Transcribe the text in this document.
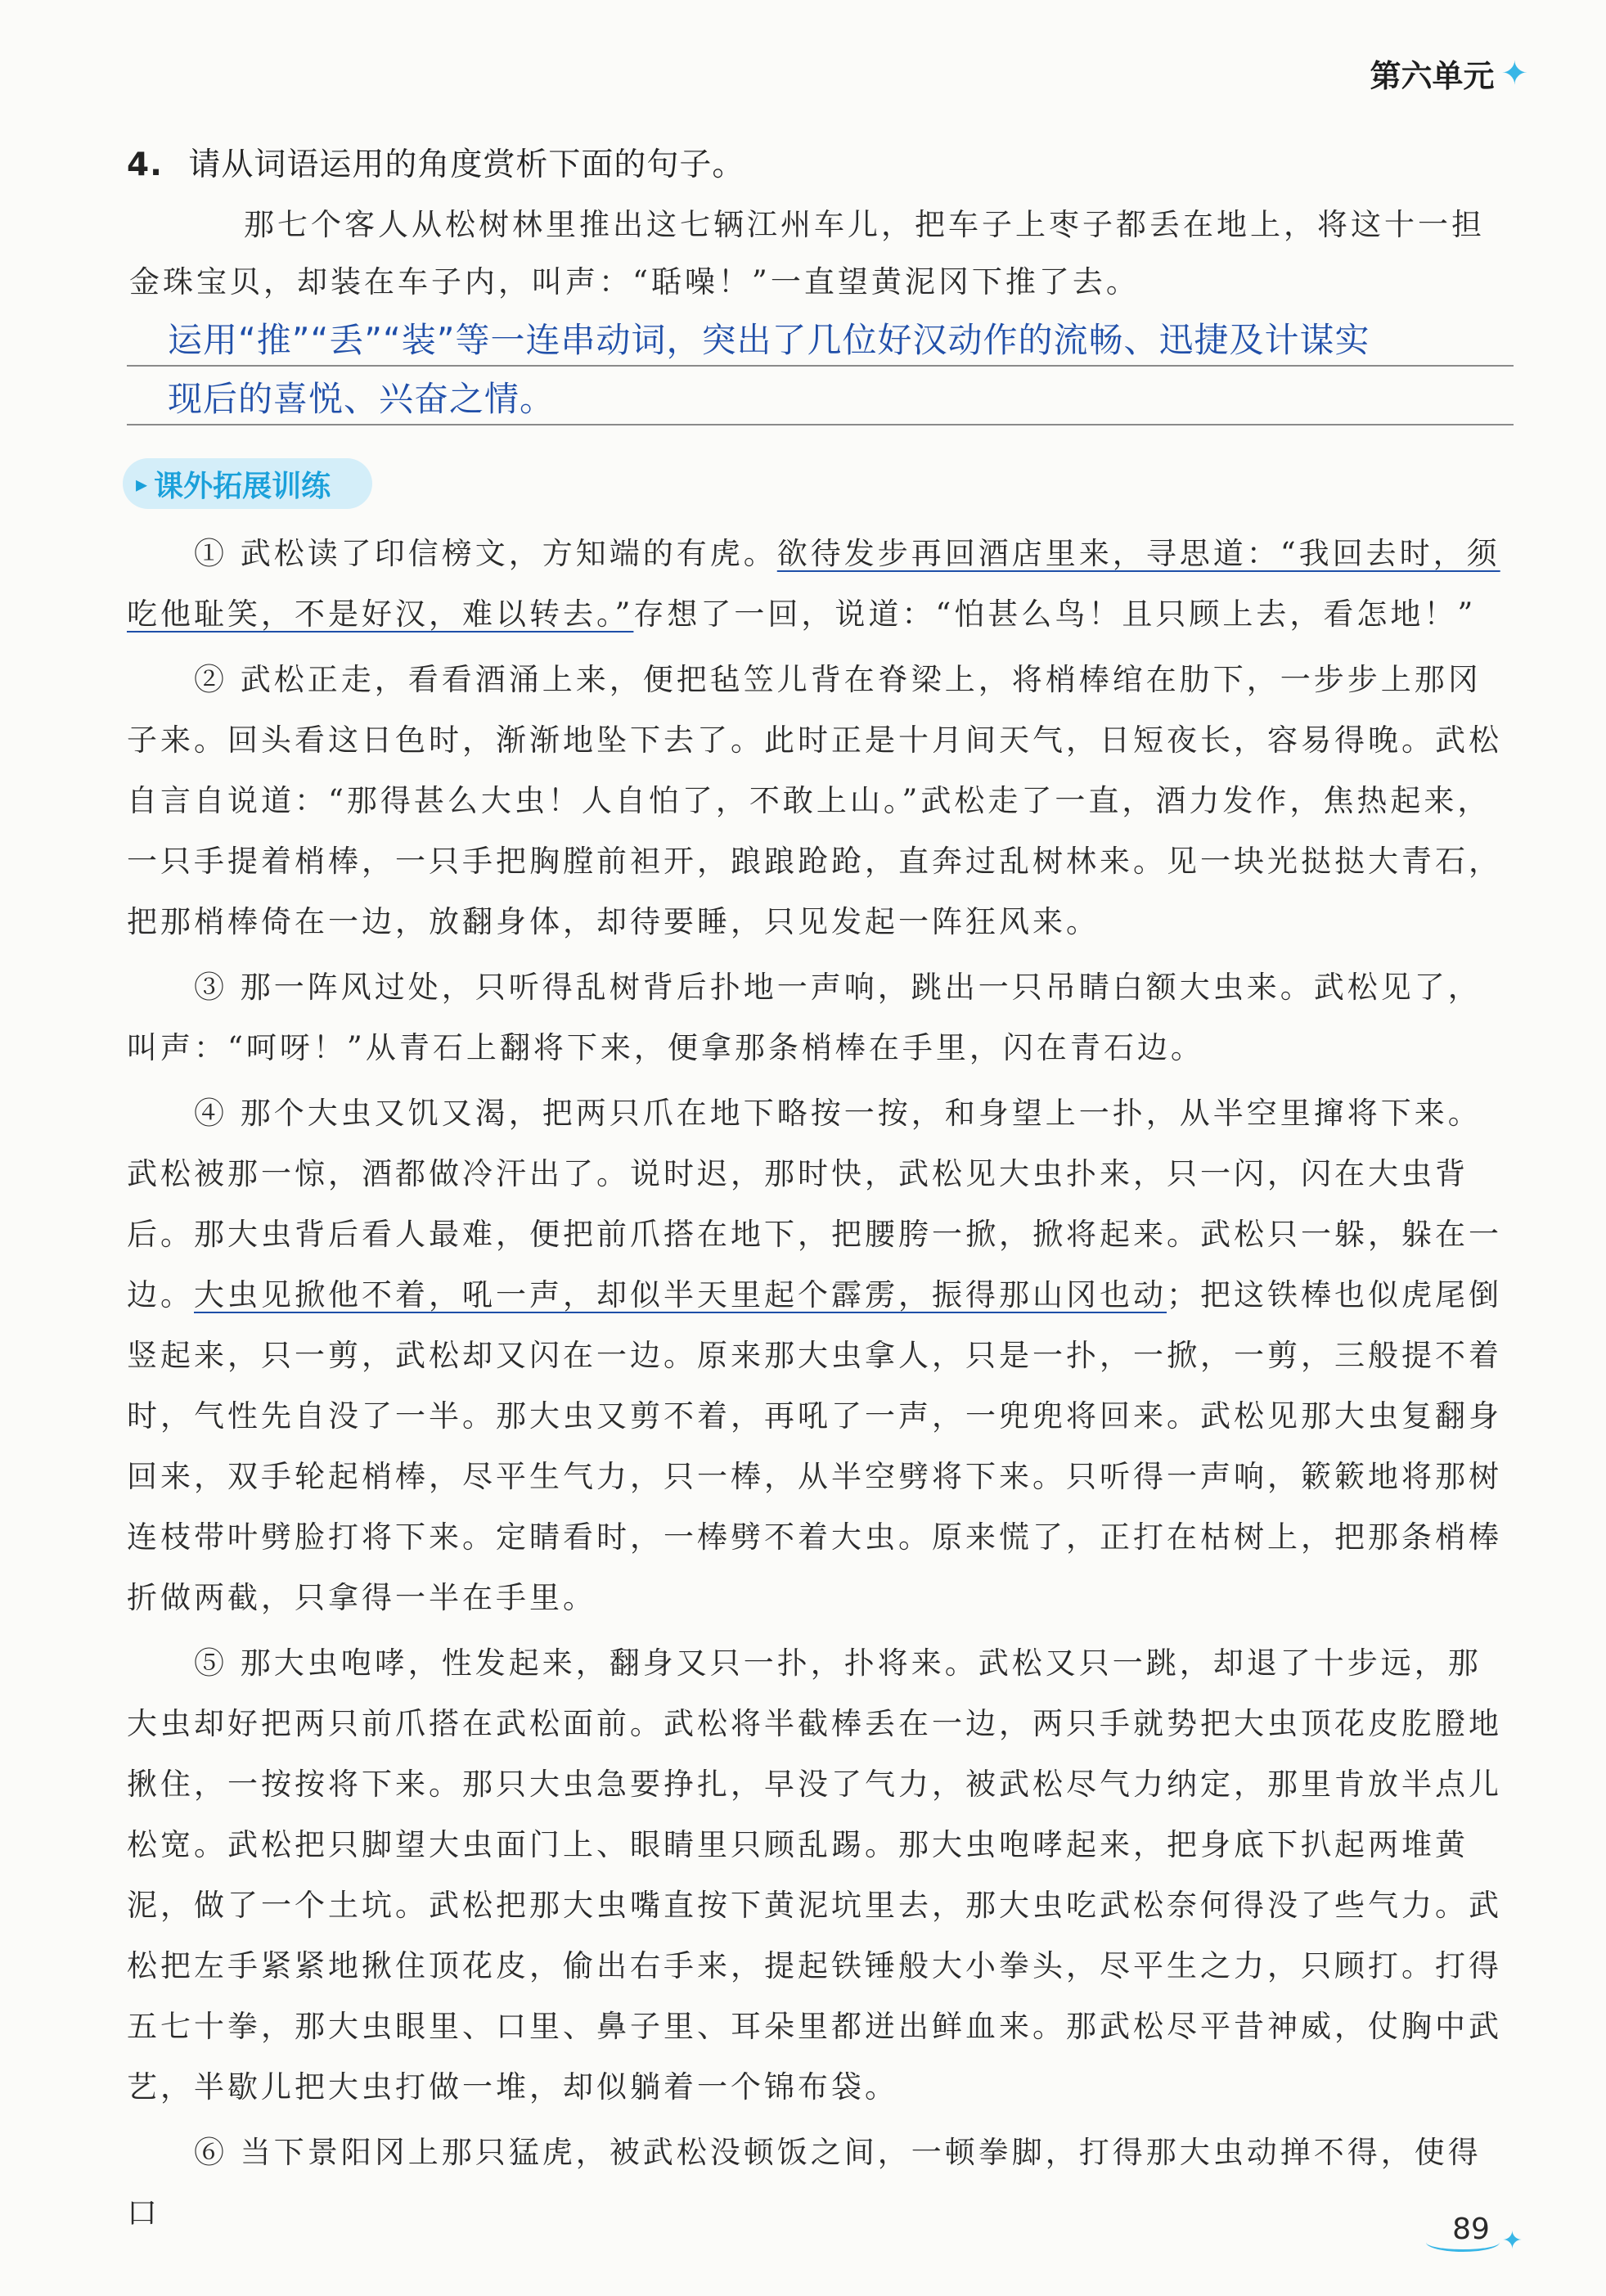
第六单元 ✦
4. 请从词语运用的角度赏析下面的句子。
那七个客人从松树林里推出这七辆江州车儿，把车子上枣子都丢在地上，将这十一担金珠宝贝，却装在车子内，叫声：“聒噪！”一直望黄泥冈下推了去。
运用“推”“丢”“装”等一连串动词，突出了几位好汉动作的流畅、迅捷及计谋实
现后的喜悦、兴奋之情。
▸ 课外拓展训练

① 武松读了印信榜文，方知端的有虎。欲待发步再回酒店里来，寻思道：“我回去时，须吃他耻笑，不是好汉，难以转去。”存想了一回，说道：“怕甚么鸟！且只顾上去，看怎地！”

② 武松正走，看看酒涌上来，便把毡笠儿背在脊梁上，将梢棒绾在肋下，一步步上那冈子来。回头看这日色时，渐渐地坠下去了。此时正是十月间天气，日短夜长，容易得晚。武松自言自说道：“那得甚么大虫！人自怕了，不敢上山。”武松走了一直，酒力发作，焦热起来，一只手提着梢棒，一只手把胸膛前袒开，踉踉跄跄，直奔过乱树林来。见一块光挞挞大青石，把那梢棒倚在一边，放翻身体，却待要睡，只见发起一阵狂风来。

③ 那一阵风过处，只听得乱树背后扑地一声响，跳出一只吊睛白额大虫来。武松见了，叫声：“呵呀！”从青石上翻将下来，便拿那条梢棒在手里，闪在青石边。

④ 那个大虫又饥又渴，把两只爪在地下略按一按，和身望上一扑，从半空里撺将下来。武松被那一惊，酒都做冷汗出了。说时迟，那时快，武松见大虫扑来，只一闪，闪在大虫背后。那大虫背后看人最难，便把前爪搭在地下，把腰胯一掀，掀将起来。武松只一躲，躲在一边。大虫见掀他不着，吼一声，却似半天里起个霹雳，振得那山冈也动；把这铁棒也似虎尾倒竖起来，只一剪，武松却又闪在一边。原来那大虫拿人，只是一扑，一掀，一剪，三般提不着时，气性先自没了一半。那大虫又剪不着，再吼了一声，一兜兜将回来。武松见那大虫复翻身回来，双手轮起梢棒，尽平生气力，只一棒，从半空劈将下来。只听得一声响，簌簌地将那树连枝带叶劈脸打将下来。定睛看时，一棒劈不着大虫。原来慌了，正打在枯树上，把那条梢棒折做两截，只拿得一半在手里。

⑤ 那大虫咆哮，性发起来，翻身又只一扑，扑将来。武松又只一跳，却退了十步远，那大虫却好把两只前爪搭在武松面前。武松将半截棒丢在一边，两只手就势把大虫顶花皮肐膯地揪住，一按按将下来。那只大虫急要挣扎，早没了气力，被武松尽气力纳定，那里肯放半点儿松宽。武松把只脚望大虫面门上、眼睛里只顾乱踢。那大虫咆哮起来，把身底下扒起两堆黄泥，做了一个土坑。武松把那大虫嘴直按下黄泥坑里去，那大虫吃武松奈何得没了些气力。武松把左手紧紧地揪住顶花皮，偷出右手来，提起铁锤般大小拳头，尽平生之力，只顾打。打得五七十拳，那大虫眼里、口里、鼻子里、耳朵里都迸出鲜血来。那武松尽平昔神威，仗胸中武艺，半歇儿把大虫打做一堆，却似躺着一个锦布袋。

⑥ 当下景阳冈上那只猛虎，被武松没顿饭之间，一顿拳脚，打得那大虫动掸不得，使得口	89 ✦
